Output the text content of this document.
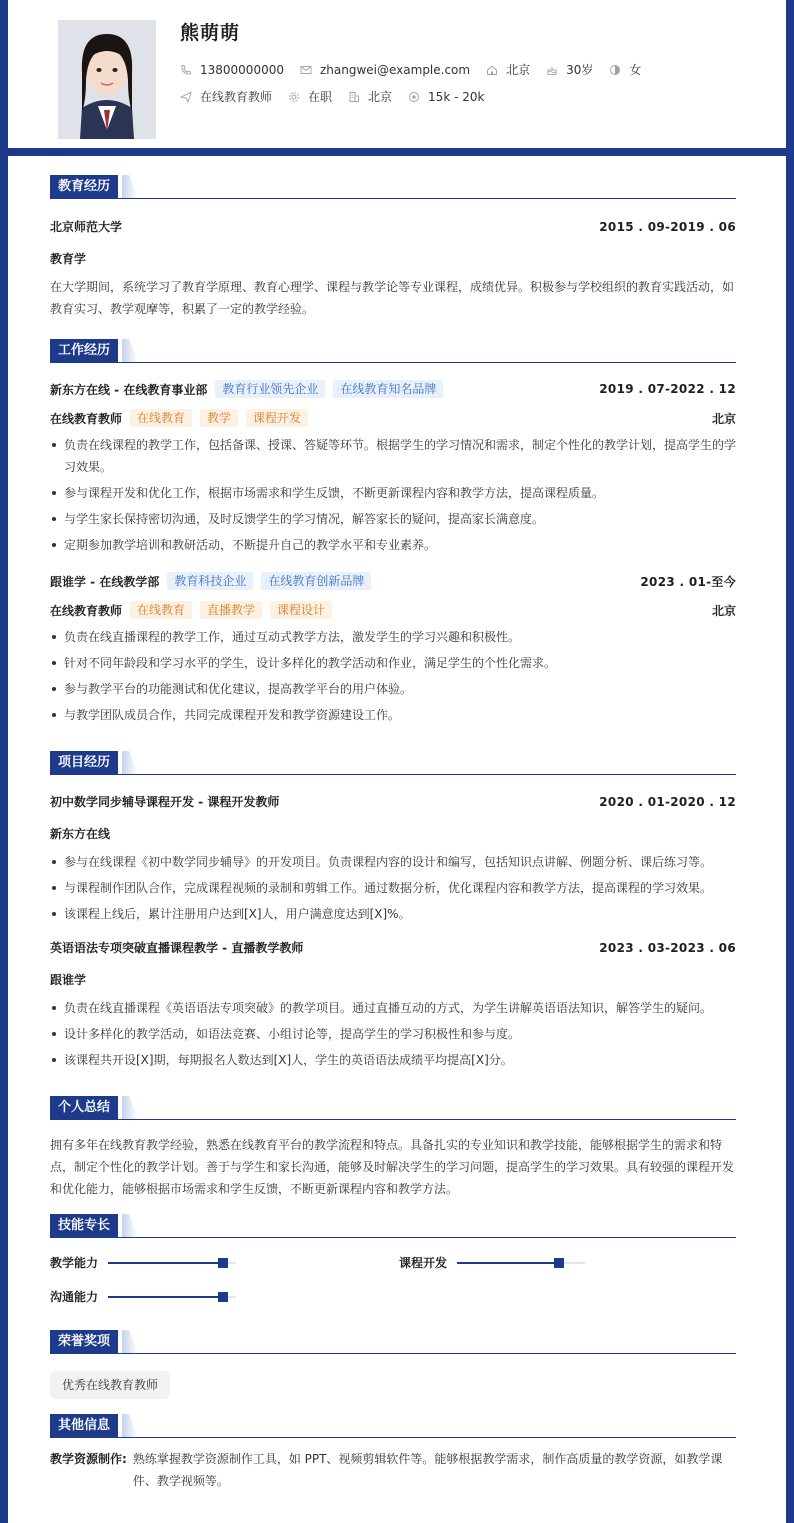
熊萌萌
13800000000	zhangwei@example.com	北京	30岁	女
在线教育教师	在职	北京	15k - 20k
教育经历
北京师范大学	2015 . 09-2019 . 06
教育学
在大学期间，系统学习了教育学原理、教育心理学、课程与教学论等专业课程，成绩优异。积极参与学校组织的教育实践活动，如教育实习、教学观摩等，积累了一定的教学经验。
工作经历
新东方在线 - 在线教育事业部	教育行业领先企业	在线教育知名品牌	2019 . 07-2022 . 12
在线教育教师	在线教育	教学	课程开发	北京
负责在线课程的教学工作，包括备课、授课、答疑等环节。根据学生的学习情况和需求，制定个性化的教学计划，提高学生的学习效果。
参与课程开发和优化工作，根据市场需求和学生反馈，不断更新课程内容和教学方法，提高课程质量。
与学生家长保持密切沟通，及时反馈学生的学习情况，解答家长的疑问，提高家长满意度。
定期参加教学培训和教研活动，不断提升自己的教学水平和专业素养。
跟谁学 - 在线教学部	教育科技企业	在线教育创新品牌	2023 . 01-至今
在线教育教师	在线教育	直播教学	课程设计	北京
负责在线直播课程的教学工作，通过互动式教学方法，激发学生的学习兴趣和积极性。
针对不同年龄段和学习水平的学生，设计多样化的教学活动和作业，满足学生的个性化需求。
参与教学平台的功能测试和优化建议，提高教学平台的用户体验。
与教学团队成员合作，共同完成课程开发和教学资源建设工作。
项目经历
初中数学同步辅导课程开发 - 课程开发教师	2020 . 01-2020 . 12
新东方在线
参与在线课程《初中数学同步辅导》的开发项目。负责课程内容的设计和编写，包括知识点讲解、例题分析、课后练习等。
与课程制作团队合作，完成课程视频的录制和剪辑工作。通过数据分析，优化课程内容和教学方法，提高课程的学习效果。
该课程上线后，累计注册用户达到[X]人，用户满意度达到[X]%。
英语语法专项突破直播课程教学 - 直播教学教师	2023 . 03-2023 . 06
跟谁学
负责在线直播课程《英语语法专项突破》的教学项目。通过直播互动的方式，为学生讲解英语语法知识，解答学生的疑问。
设计多样化的教学活动，如语法竞赛、小组讨论等，提高学生的学习积极性和参与度。
该课程共开设[X]期，每期报名人数达到[X]人，学生的英语语法成绩平均提高[X]分。
个人总结
拥有多年在线教育教学经验，熟悉在线教育平台的教学流程和特点。具备扎实的专业知识和教学技能，能够根据学生的需求和特点，制定个性化的教学计划。善于与学生和家长沟通，能够及时解决学生的学习问题，提高学生的学习效果。具有较强的课程开发和优化能力，能够根据市场需求和学生反馈，不断更新课程内容和教学方法。
技能专长
教学能力	课程开发
沟通能力
荣誉奖项
优秀在线教育教师
其他信息
教学资源制作: 熟练掌握教学资源制作工具，如 PPT、视频剪辑软件等。能够根据教学需求，制作高质量的教学资源，如教学课件、教学视频等。
